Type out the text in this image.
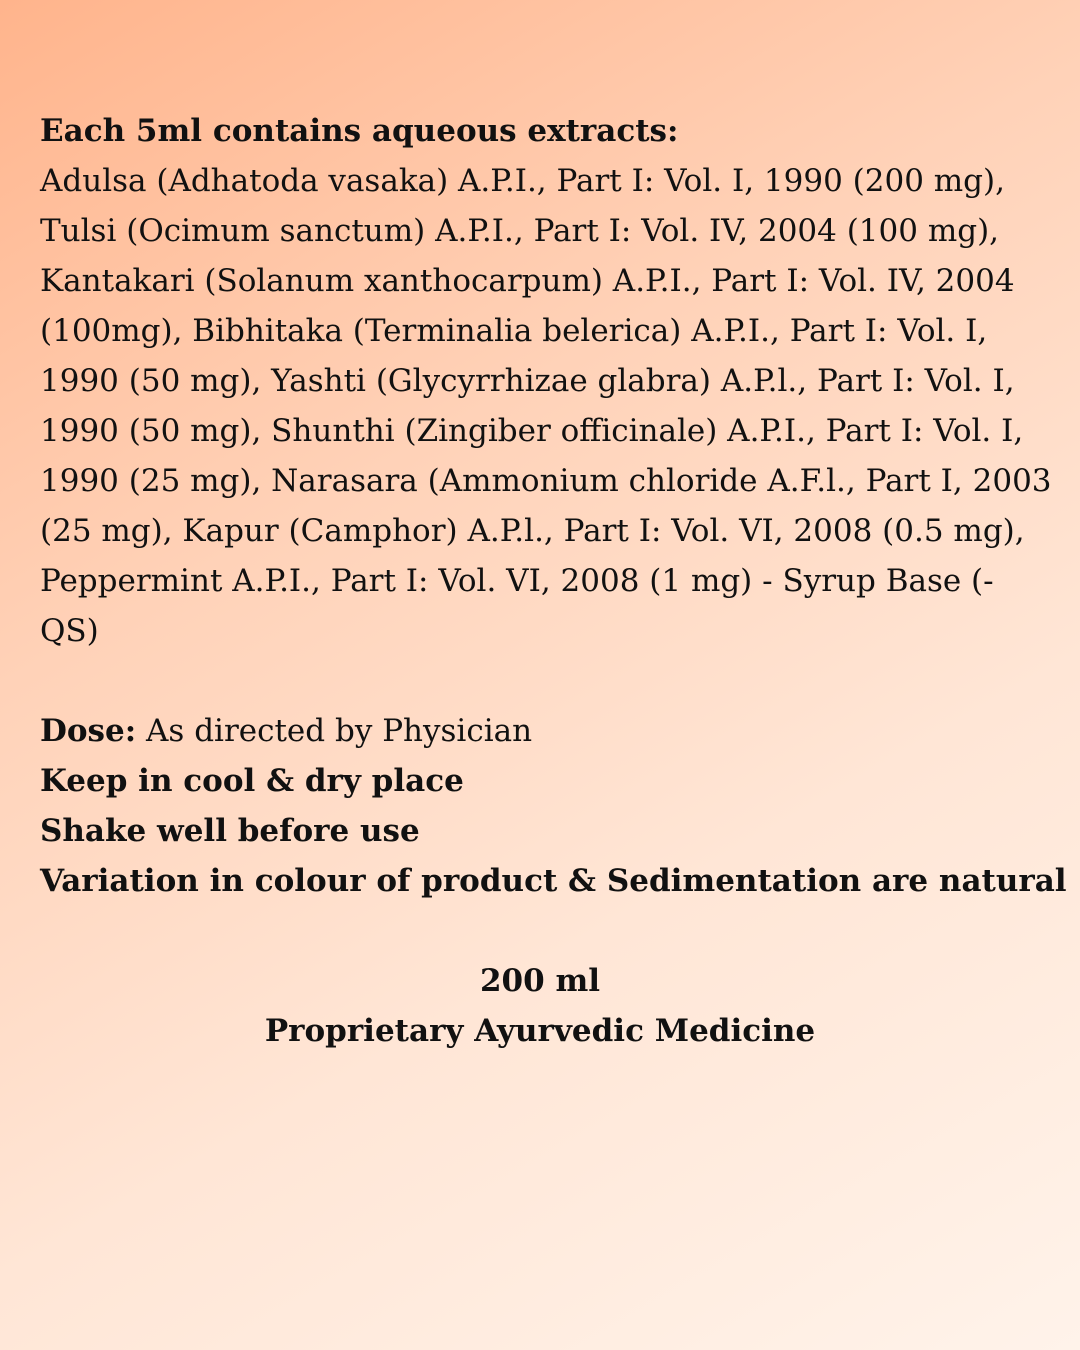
Each 5ml contains aqueous extracts:
Adulsa (Adhatoda vasaka) A.P.I., Part I: Vol. I, 1990 (200 mg),
Tulsi (Ocimum sanctum) A.P.I., Part I: Vol. IV, 2004 (100 mg),
Kantakari (Solanum xanthocarpum) A.P.I., Part I: Vol. IV, 2004
(100mg), Bibhitaka (Terminalia belerica) A.P.I., Part I: Vol. I,
1990 (50 mg), Yashti (Glycyrrhizae glabra) A.P.l., Part I: Vol. I,
1990 (50 mg), Shunthi (Zingiber officinale) A.P.I., Part I: Vol. I,
1990 (25 mg), Narasara (Ammonium chloride A.F.l., Part I, 2003
(25 mg), Kapur (Camphor) A.P.l., Part I: Vol. VI, 2008 (0.5 mg),
Peppermint A.P.I., Part I: Vol. VI, 2008 (1 mg) - Syrup Base (-
QS)
Dose: As directed by Physician
Keep in cool & dry place
Shake well before use
Variation in colour of product & Sedimentation are natural
200 ml
Proprietary Ayurvedic Medicine
